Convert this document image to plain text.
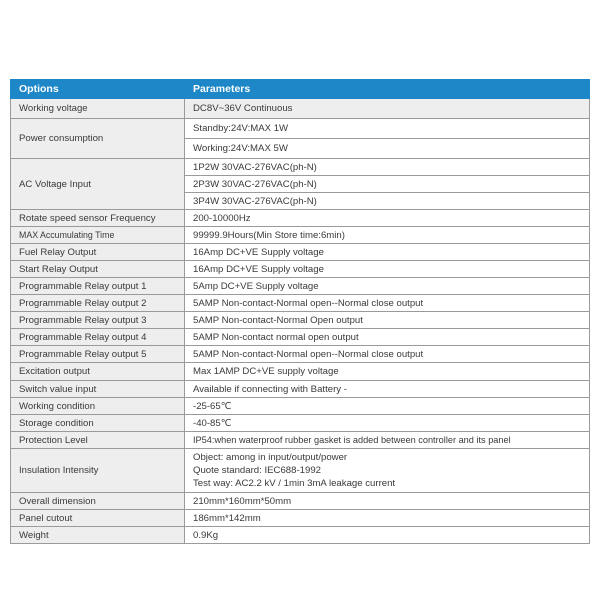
Options	Parameters
Working voltage	DC8V~36V Continuous
Power consumption	Standby:24V:MAX 1W
	Working:24V:MAX 5W
AC Voltage Input	1P2W 30VAC-276VAC(ph-N)
	2P3W 30VAC-276VAC(ph-N)
	3P4W 30VAC-276VAC(ph-N)
Rotate speed sensor Frequency	200-10000Hz
MAX Accumulating Time	99999.9Hours(Min Store time:6min)
Fuel Relay Output	16Amp DC+VE Supply voltage
Start Relay Output	16Amp DC+VE Supply voltage
Programmable Relay output 1	5Amp DC+VE Supply voltage
Programmable Relay output 2	5AMP Non-contact-Normal open--Normal close output
Programmable Relay output 3	5AMP Non-contact-Normal Open output
Programmable Relay output 4	5AMP Non-contact normal open output
Programmable Relay output 5	5AMP Non-contact-Normal open--Normal close output
Excitation output	Max 1AMP DC+VE supply voltage
Switch value input	Available if connecting with Battery -
Working condition	-25-65℃
Storage condition	-40-85℃
Protection Level	IP54:when waterproof rubber gasket is added between controller and its panel
Insulation Intensity	Object: among in input/output/power
Quote standard: IEC688-1992
Test way: AC2.2 kV / 1min 3mA leakage current

Overall dimension	210mm*160mm*50mm
Panel cutout	186mm*142mm
Weight	0.9Kg
